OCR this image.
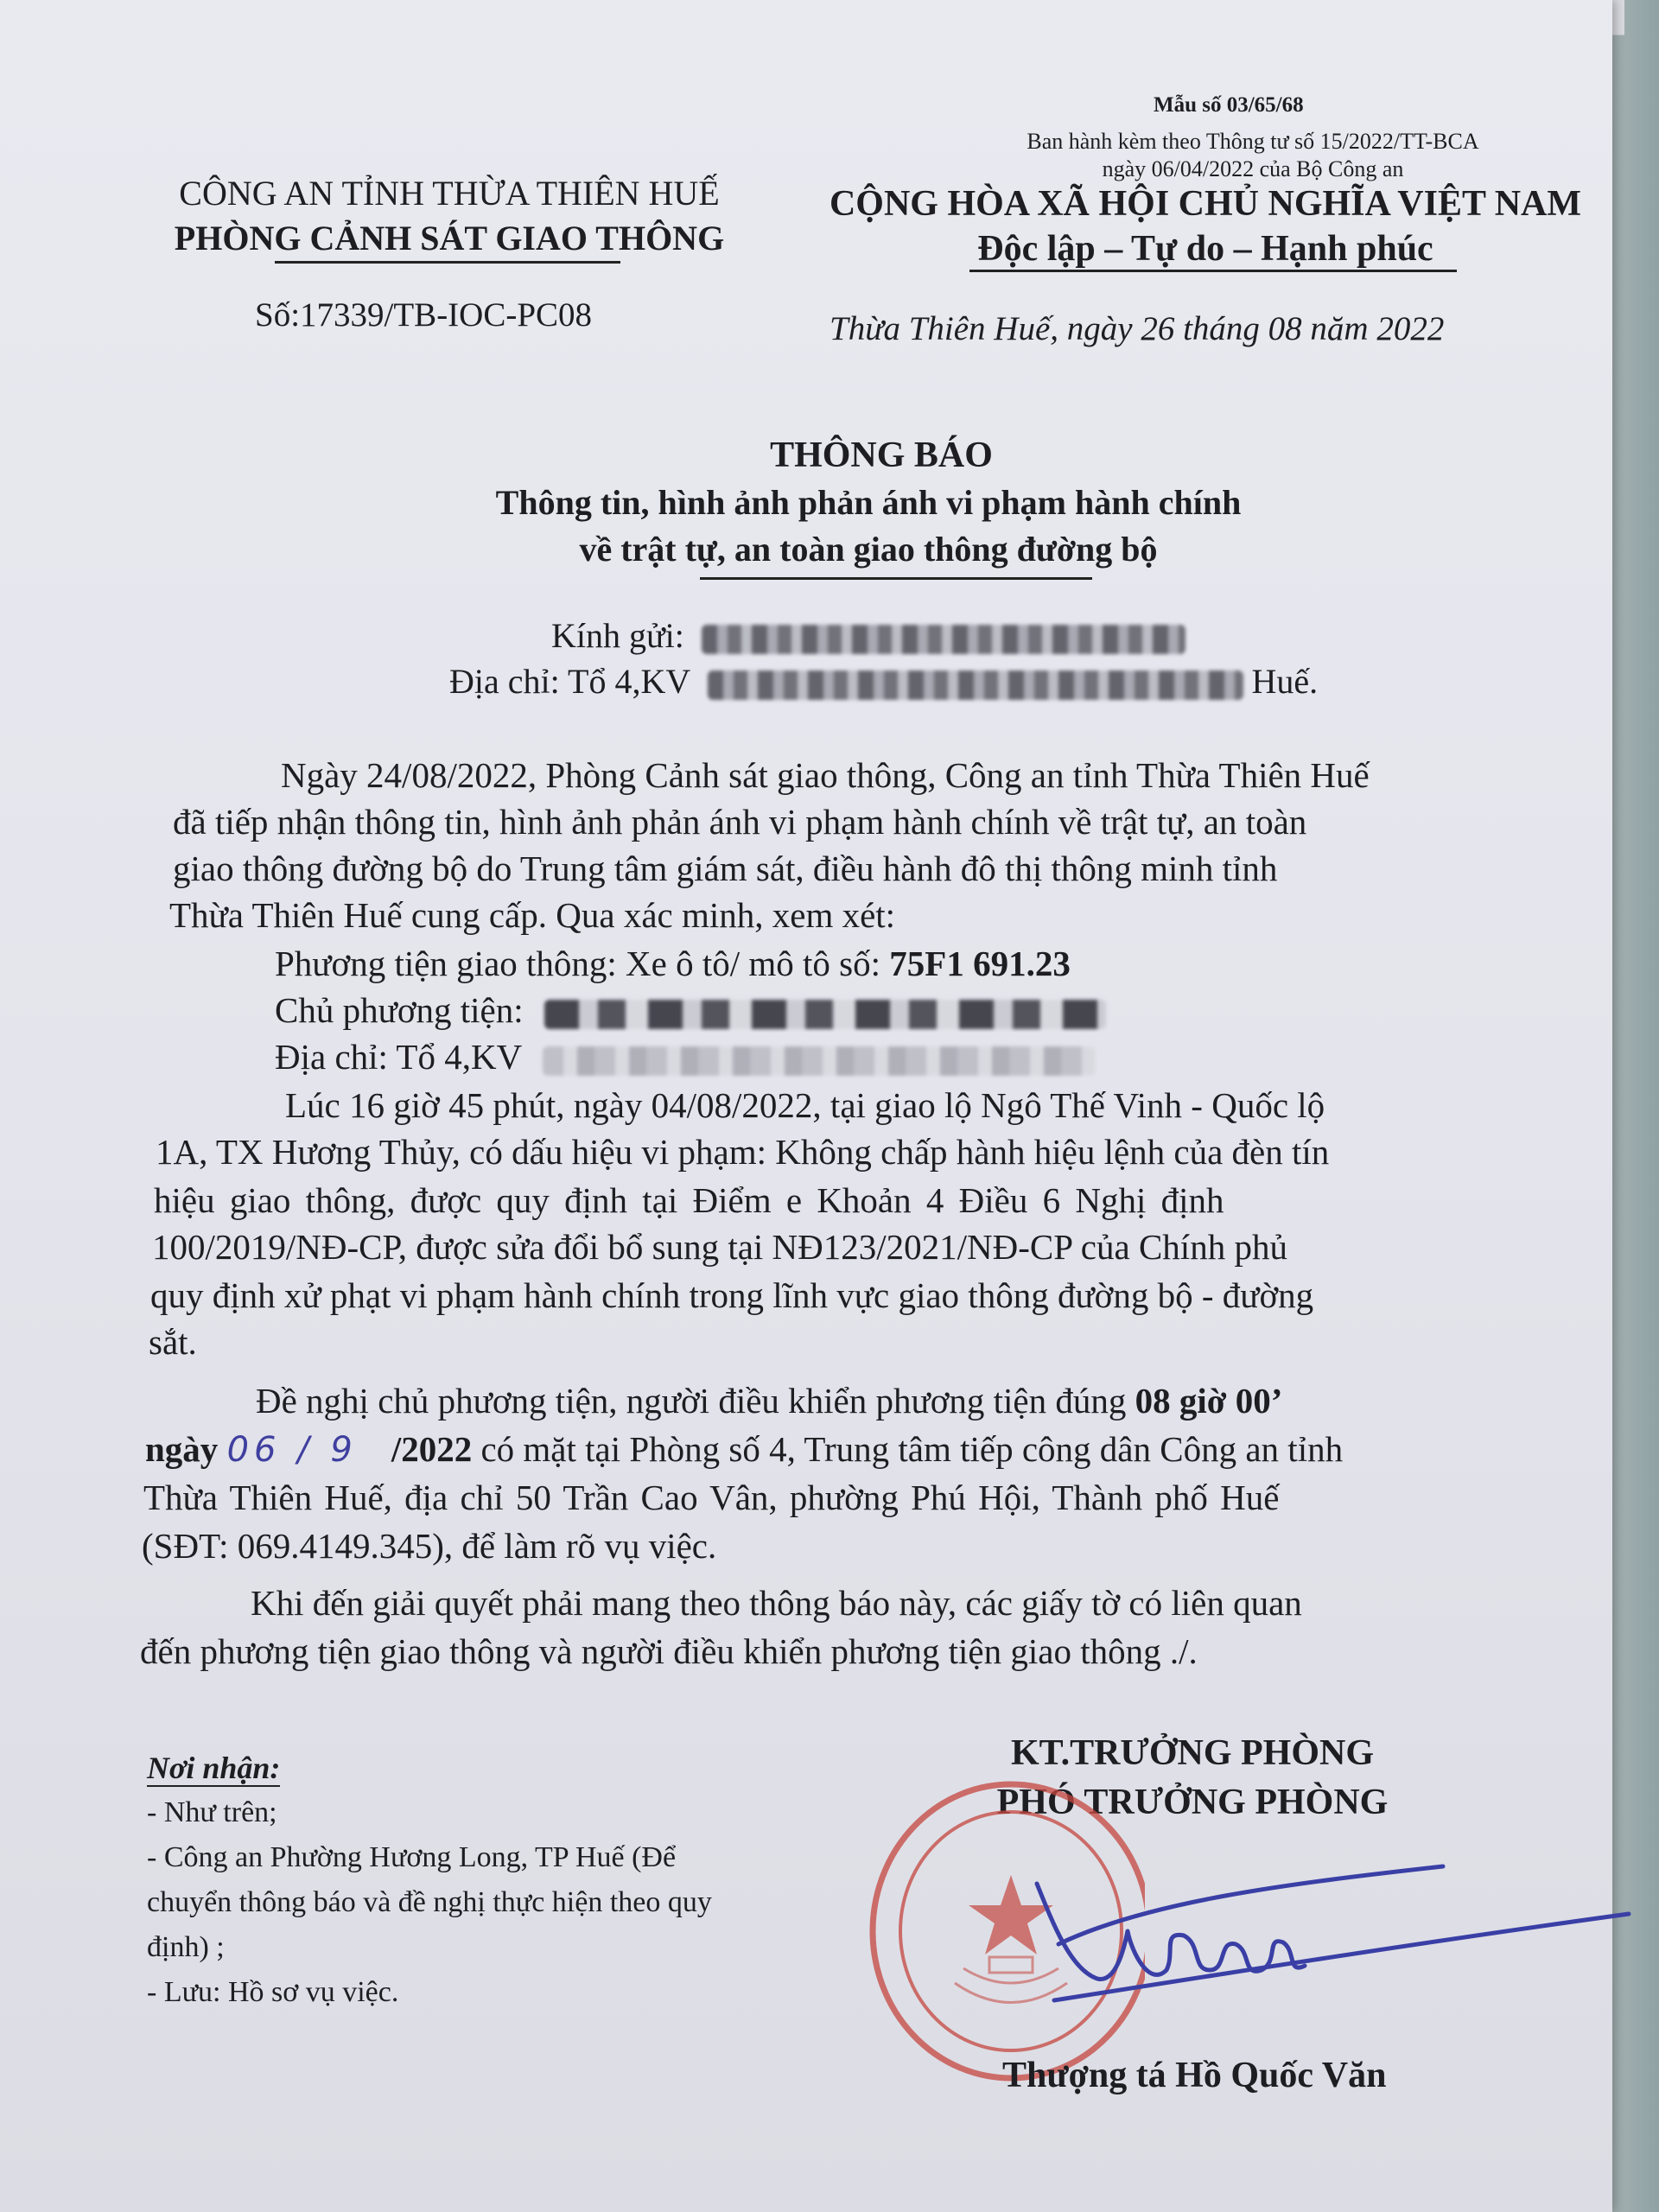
CÔNG AN TỈNH THỪA THIÊN HUẾ
PHÒNG CẢNH SÁT GIAO THÔNG
Số:17339/TB-IOC-PC08
Mẫu số 03/65/68
Ban hành kèm theo Thông tư số 15/2022/TT-BCA
ngày 06/04/2022 của Bộ Công an
CỘNG HÒA XÃ HỘI CHỦ NGHĨA VIỆT NAM
Độc lập – Tự do – Hạnh phúc
Thừa Thiên Huế, ngày 26 tháng 08 năm 2022
THÔNG BÁO
Thông tin, hình ảnh phản ánh vi phạm hành chính
về trật tự, an toàn giao thông đường bộ
Kính gửi:
Địa chỉ: Tổ 4,KV	Huế.
Ngày 24/08/2022, Phòng Cảnh sát giao thông, Công an tỉnh Thừa Thiên Huế
đã tiếp nhận thông tin, hình ảnh phản ánh vi phạm hành chính về trật tự, an toàn
giao thông đường bộ do Trung tâm giám sát, điều hành đô thị thông minh tỉnh
Thừa Thiên Huế cung cấp. Qua xác minh, xem xét:
Phương tiện giao thông: Xe ô tô/ mô tô số: 75F1 691.23
Chủ phương tiện:
Địa chỉ: Tổ 4,KV
Lúc 16 giờ 45 phút, ngày 04/08/2022, tại giao lộ Ngô Thế Vinh - Quốc lộ
1A, TX Hương Thủy, có dấu hiệu vi phạm: Không chấp hành hiệu lệnh của đèn tín
hiệu giao thông, được quy định tại Điểm e Khoản 4 Điều 6 Nghị định
100/2019/NĐ-CP, được sửa đổi bổ sung tại NĐ123/2021/NĐ-CP của Chính phủ
quy định xử phạt vi phạm hành chính trong lĩnh vực giao thông đường bộ - đường
sắt.
Đề nghị chủ phương tiện, người điều khiển phương tiện đúng 08 giờ 00’
ngày 06 / 9 /2022 có mặt tại Phòng số 4, Trung tâm tiếp công dân Công an tỉnh
Thừa Thiên Huế, địa chỉ 50 Trần Cao Vân, phường Phú Hội, Thành phố Huế
(SĐT: 069.4149.345), để làm rõ vụ việc.
Khi đến giải quyết phải mang theo thông báo này, các giấy tờ có liên quan
đến phương tiện giao thông và người điều khiển phương tiện giao thông ./.
Nơi nhận:
- Như trên;
- Công an Phường Hương Long, TP Huế (Để
chuyển thông báo và đề nghị thực hiện theo quy
định) ;
- Lưu: Hồ sơ vụ việc.
KT.TRƯỞNG PHÒNG
PHÓ TRƯỞNG PHÒNG
Thượng tá Hồ Quốc Văn
